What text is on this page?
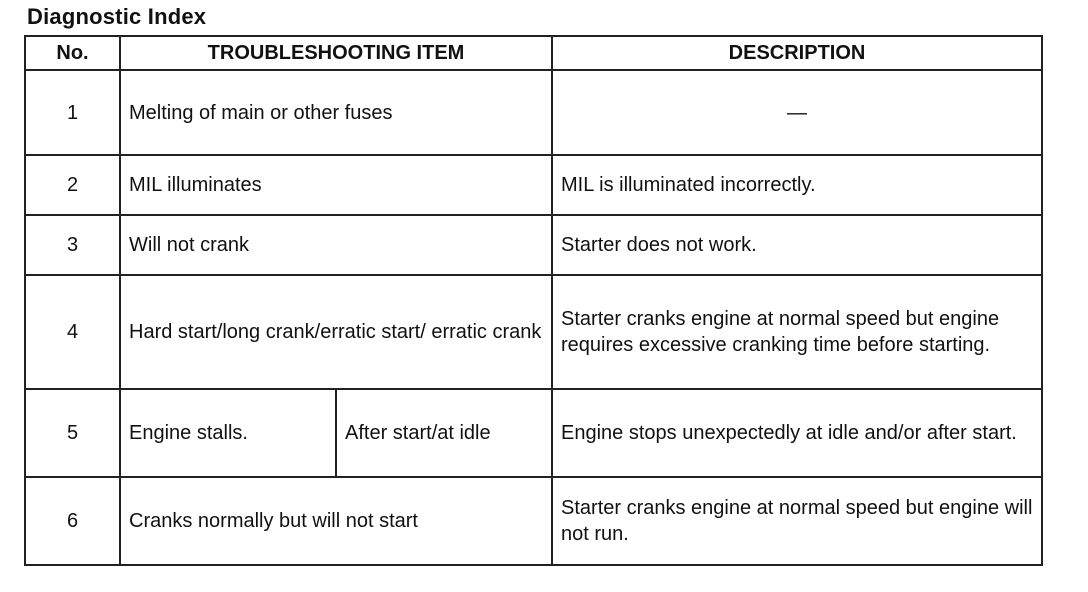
Diagnostic Index
No.	TROUBLESHOOTING ITEM		DESCRIPTION
1	Melting of main or other fuses		—
2	MIL illuminates		MIL is illuminated incorrectly.
3	Will not crank		Starter does not work.
4	Hard start/long crank/erratic start/ erratic crank		Starter cranks engine at normal speed but engine requires excessive cranking time before starting.
5	Engine stalls.	After start/at idle	Engine stops unexpectedly at idle and/or after start.
6	Cranks normally but will not start		Starter cranks engine at normal speed but engine will not run.
